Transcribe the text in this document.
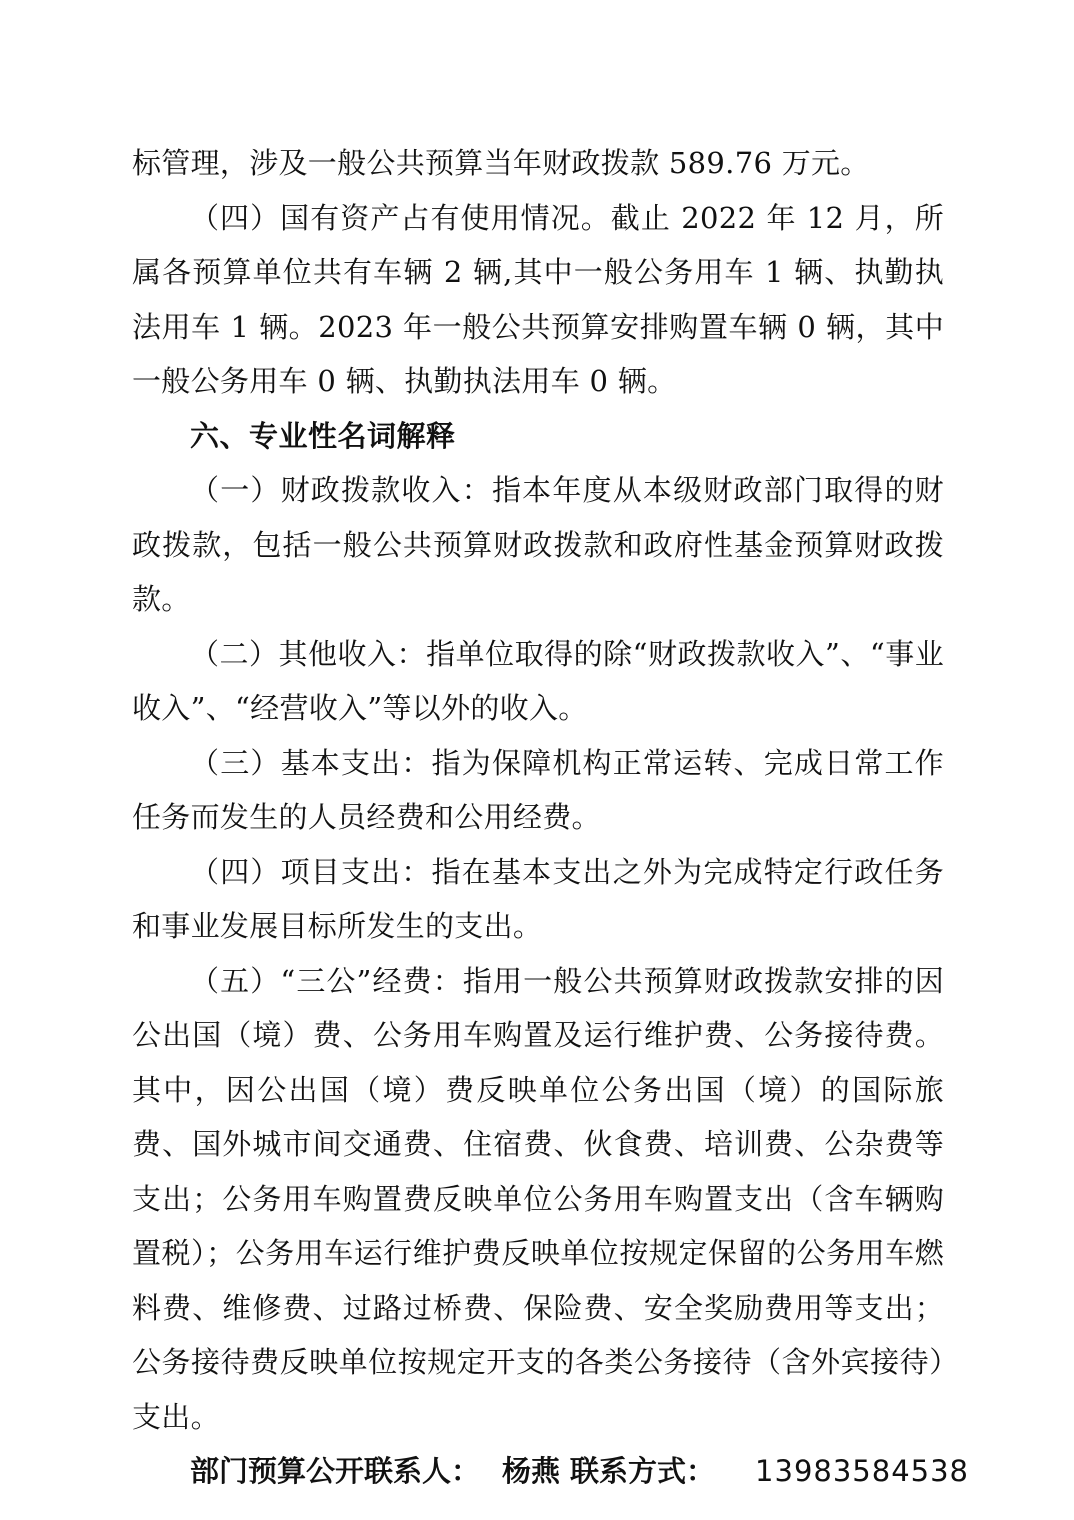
标管理，涉及一般公共预算当年财政拨款 589.76 万元。

（四）国有资产占有使用情况。截止 2022 年 12 月，所属各预算单位共有车辆 2 辆,其中一般公务用车 1 辆、执勤执法用车 1 辆。2023 年一般公共预算安排购置车辆 0 辆，其中一般公务用车 0 辆、执勤执法用车 0 辆。

六、专业性名词解释

（一）财政拨款收入：指本年度从本级财政部门取得的财政拨款，包括一般公共预算财政拨款和政府性基金预算财政拨款。

（二）其他收入：指单位取得的除“财政拨款收入”、“事业收入”、“经营收入”等以外的收入。

（三）基本支出：指为保障机构正常运转、完成日常工作任务而发生的人员经费和公用经费。

（四）项目支出：指在基本支出之外为完成特定行政任务和事业发展目标所发生的支出。

（五）“三公”经费：指用一般公共预算财政拨款安排的因公出国（境）费、公务用车购置及运行维护费、公务接待费。其中，因公出国（境）费反映单位公务出国（境）的国际旅费、国外城市间交通费、住宿费、伙食费、培训费、公杂费等支出；公务用车购置费反映单位公务用车购置支出（含车辆购置税）；公务用车运行维护费反映单位按规定保留的公务用车燃料费、维修费、过路过桥费、保险费、安全奖励费用等支出；公务接待费反映单位按规定开支的各类公务接待（含外宾接待）支出。

部门预算公开联系人： 杨燕 联系方式： 13983584538
